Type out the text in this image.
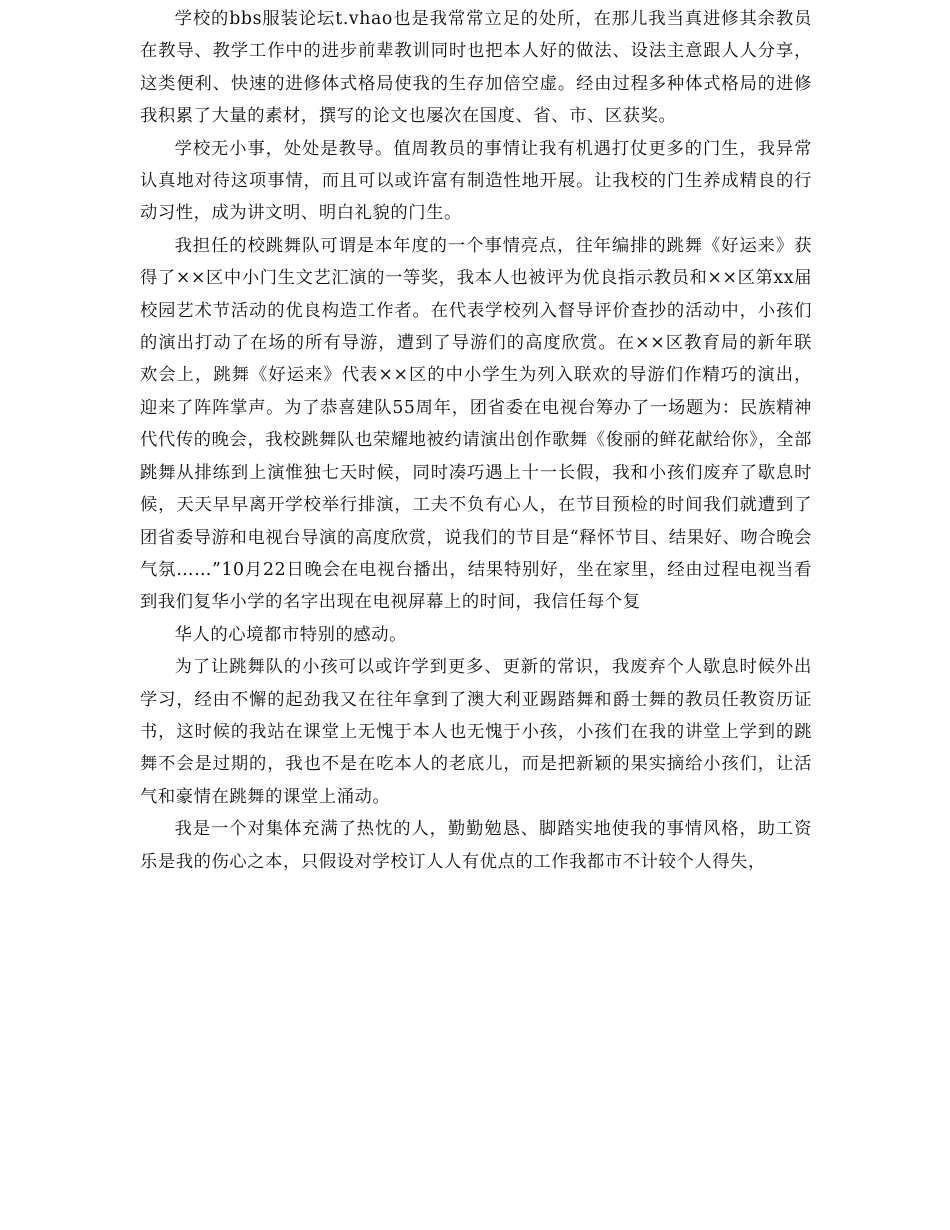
学校的bbs服装论坛t.vhao也是我常常立足的处所，在那儿我当真进修其余教员在教导、教学工作中的进步前辈教训同时也把本人好的做法、设法主意跟人人分享，这类便利、快速的进修体式格局使我的生存加倍空虚。经由过程多种体式格局的进修我积累了大量的素材，撰写的论文也屡次在国度、省、市、区获奖。

学校无小事，处处是教导。值周教员的事情让我有机遇打仗更多的门生，我异常认真地对待这项事情，而且可以或许富有制造性地开展。让我校的门生养成精良的行动习性，成为讲文明、明白礼貌的门生。

我担任的校跳舞队可谓是本年度的一个事情亮点，往年编排的跳舞《好运来》获得了××区中小门生文艺汇演的一等奖，我本人也被评为优良指示教员和××区第xx届校园艺术节活动的优良构造工作者。在代表学校列入督导评价查抄的活动中，小孩们的演出打动了在场的所有导游，遭到了导游们的高度欣赏。在××区教育局的新年联欢会上，跳舞《好运来》代表××区的中小学生为列入联欢的导游们作精巧的演出，迎来了阵阵掌声。为了恭喜建队55周年，团省委在电视台筹办了一场题为：民族精神代代传的晚会，我校跳舞队也荣耀地被约请演出创作歌舞《俊丽的鲜花献给你》，全部跳舞从排练到上演惟独七天时候，同时凑巧遇上十一长假，我和小孩们废弃了歇息时候，天天早早离开学校举行排演，工夫不负有心人，在节目预检的时间我们就遭到了团省委导游和电视台导演的高度欣赏，说我们的节目是“释怀节目、结果好、吻合晚会气氛……”10月22日晚会在电视台播出，结果特别好，坐在家里，经由过程电视当看到我们复华小学的名字出现在电视屏幕上的时间，我信任每个复

华人的心境都市特别的感动。

为了让跳舞队的小孩可以或许学到更多、更新的常识，我废弃个人歇息时候外出学习，经由不懈的起劲我又在往年拿到了澳大利亚踢踏舞和爵士舞的教员任教资历证书，这时候的我站在课堂上无愧于本人也无愧于小孩，小孩们在我的讲堂上学到的跳舞不会是过期的，我也不是在吃本人的老底儿，而是把新颖的果实摘给小孩们，让活气和豪情在跳舞的课堂上涌动。

我是一个对集体充满了热忱的人，勤勤勉恳、脚踏实地使我的事情风格，助工资乐是我的伤心之本，只假设对学校订人人有优点的工作我都市不计较个人得失，
